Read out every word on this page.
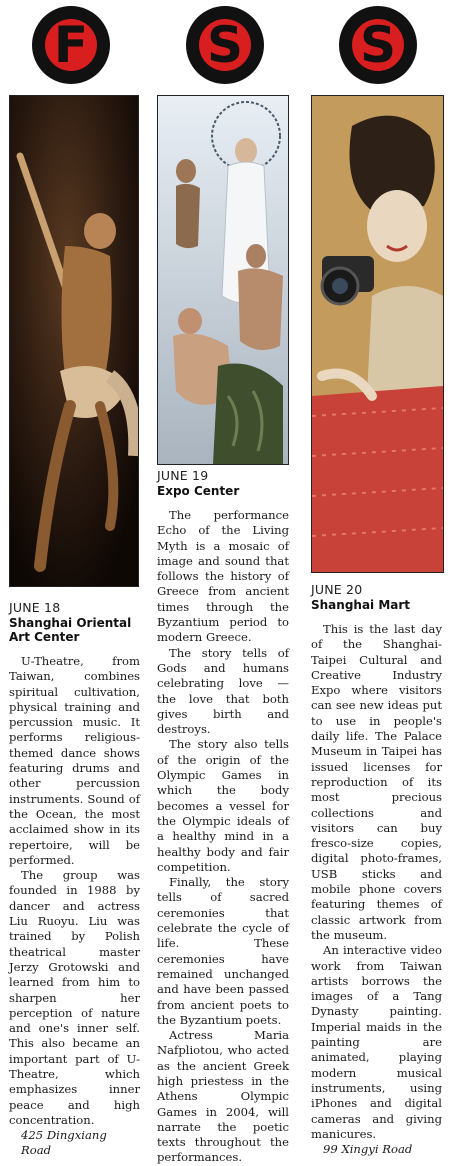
F S S
JUNE 18
Shanghai Oriental Art Center

U-Theatre, from Taiwan, combines spiritual cultivation, physical training and percussion music. It performs religious-themed dance shows featuring drums and other percussion instruments. Sound of the Ocean, the most acclaimed show in its repertoire, will be performed.

The group was founded in 1988 by dancer and actress Liu Ruoyu. Liu was trained by Polish theatrical master Jerzy Grotowski and learned from him to sharpen her perception of nature and one's inner self. This also became an important part of U-Theatre, which emphasizes inner peace and high concentration.

425 Dingxiang Road
JUNE 19
Expo Center

The performance Echo of the Living Myth is a mosaic of image and sound that follows the history of Greece from ancient times through the Byzantium period to modern Greece.

The story tells of Gods and humans celebrating love — the love that both gives birth and destroys.

The story also tells of the origin of the Olympic Games in which the body becomes a vessel for the Olympic ideals of a healthy mind in a healthy body and fair competition.

Finally, the story tells of sacred ceremonies that celebrate the cycle of life. These ceremonies have remained unchanged and have been passed from ancient poets to the Byzantium poets.

Actress Maria Nafpliotou, who acted as the ancient Greek high priestess in the Athens Olympic Games in 2004, will narrate the poetic texts throughout the performances.

JUNE 20
Shanghai Mart

This is the last day of the Shanghai-Taipei Cultural and Creative Industry Expo where visitors can see new ideas put to use in people's daily life. The Palace Museum in Taipei has issued licenses for reproduction of its most precious collections and visitors can buy fresco-size copies, digital photo-frames, USB sticks and mobile phone covers featuring themes of classic artwork from the museum.

An interactive video work from Taiwan artists borrows the images of a Tang Dynasty painting. Imperial maids in the painting are animated, playing modern musical instruments, using iPhones and digital cameras and giving manicures.

99 Xingyi Road
